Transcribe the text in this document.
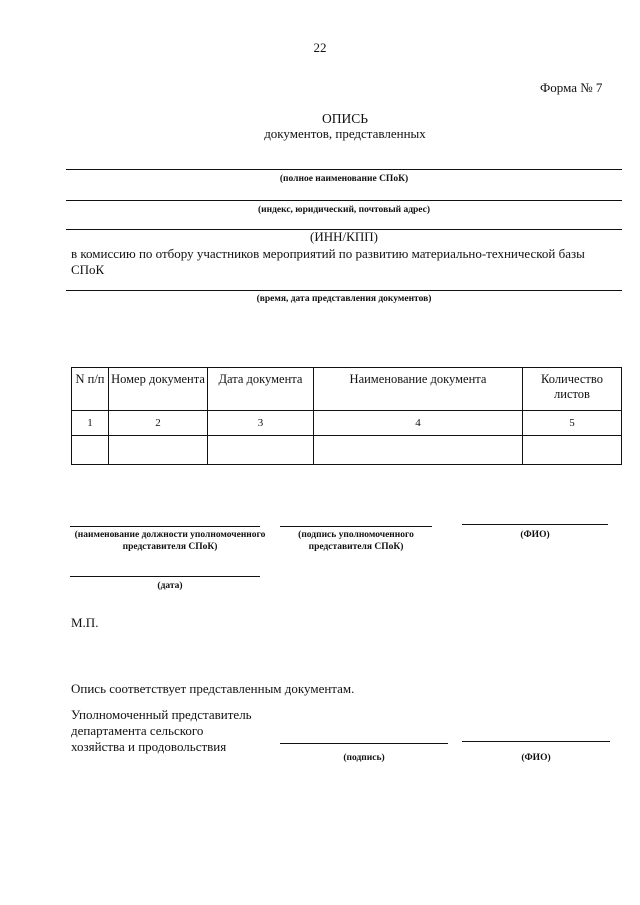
22
Форма № 7
ОПИСЬ
документов, представленных
(полное наименование СПоК)
(индекс, юридический, почтовый адрес)
(ИНН/КПП)
в комиссию по отбору участников мероприятий по развитию материально-технической базы СПоК
(время, дата представления документов)
N п/п	Номер документа	Дата документа	Наименование документа	Количество листов
1	2	3	4	5

(наименование должности уполномоченного представителя СПоК)
(подпись уполномоченного представителя СПоК)
(ФИО)
(дата)
М.П.
Опись соответствует представленным документам.
Уполномоченный представитель департамента сельского хозяйства и продовольствия
(подпись)	(ФИО)
